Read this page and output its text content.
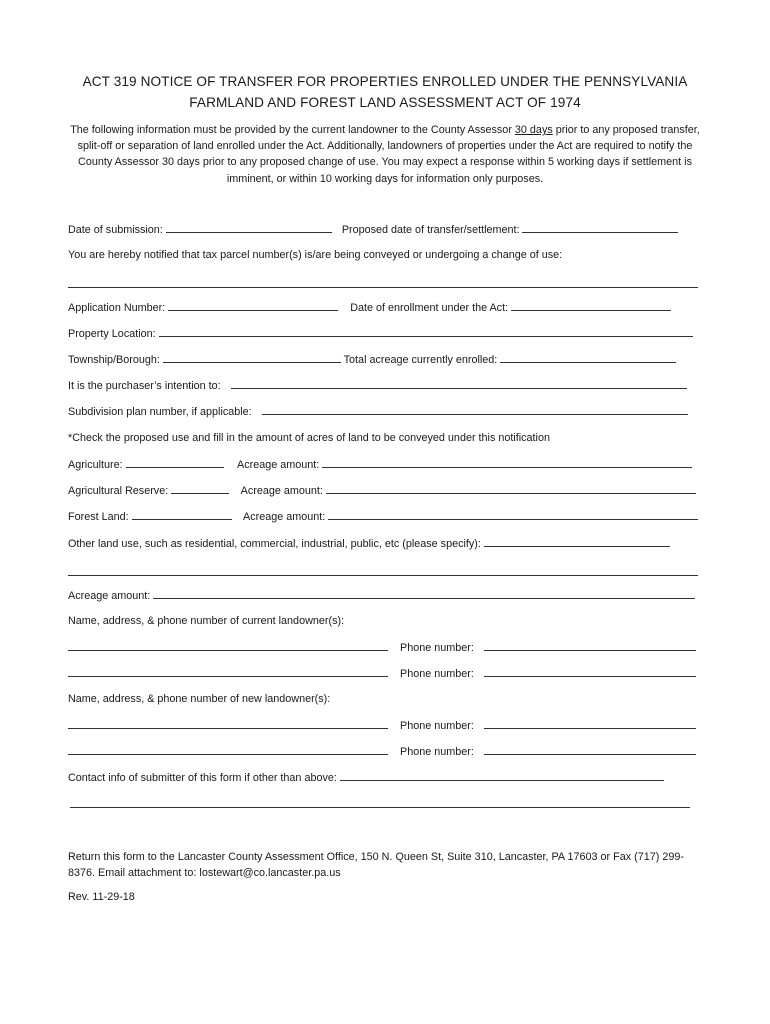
ACT 319 NOTICE OF TRANSFER FOR PROPERTIES ENROLLED UNDER THE PENNSYLVANIA
FARMLAND AND FOREST LAND ASSESSMENT ACT OF 1974
The following information must be provided by the current landowner to the County Assessor 30 days prior to any proposed transfer, split-off or separation of land enrolled under the Act. Additionally, landowners of properties under the Act are required to notify the County Assessor 30 days prior to any proposed change of use. You may expect a response within 5 working days if settlement is imminent, or within 10 working days for information only purposes.
Date of submission:	Proposed date of transfer/settlement:
You are hereby notified that tax parcel number(s) is/are being conveyed or undergoing a change of use:
Application Number:	Date of enrollment under the Act:
Property Location:
Township/Borough:	Total acreage currently enrolled:
It is the purchaser’s intention to:
Subdivision plan number, if applicable:
*Check the proposed use and fill in the amount of acres of land to be conveyed under this notification
Agriculture:	Acreage amount:
Agricultural Reserve:	Acreage amount:
Forest Land:	Acreage amount:
Other land use, such as residential, commercial, industrial, public, etc (please specify):
Acreage amount:
Name, address, & phone number of current landowner(s):
Phone number:
Phone number:
Name, address, & phone number of new landowner(s):
Phone number:
Phone number:
Contact info of submitter of this form if other than above:
Return this form to the Lancaster County Assessment Office, 150 N. Queen St, Suite 310, Lancaster, PA 17603 or Fax (717) 299-8376. Email attachment to: lostewart@co.lancaster.pa.us
Rev. 11-29-18
